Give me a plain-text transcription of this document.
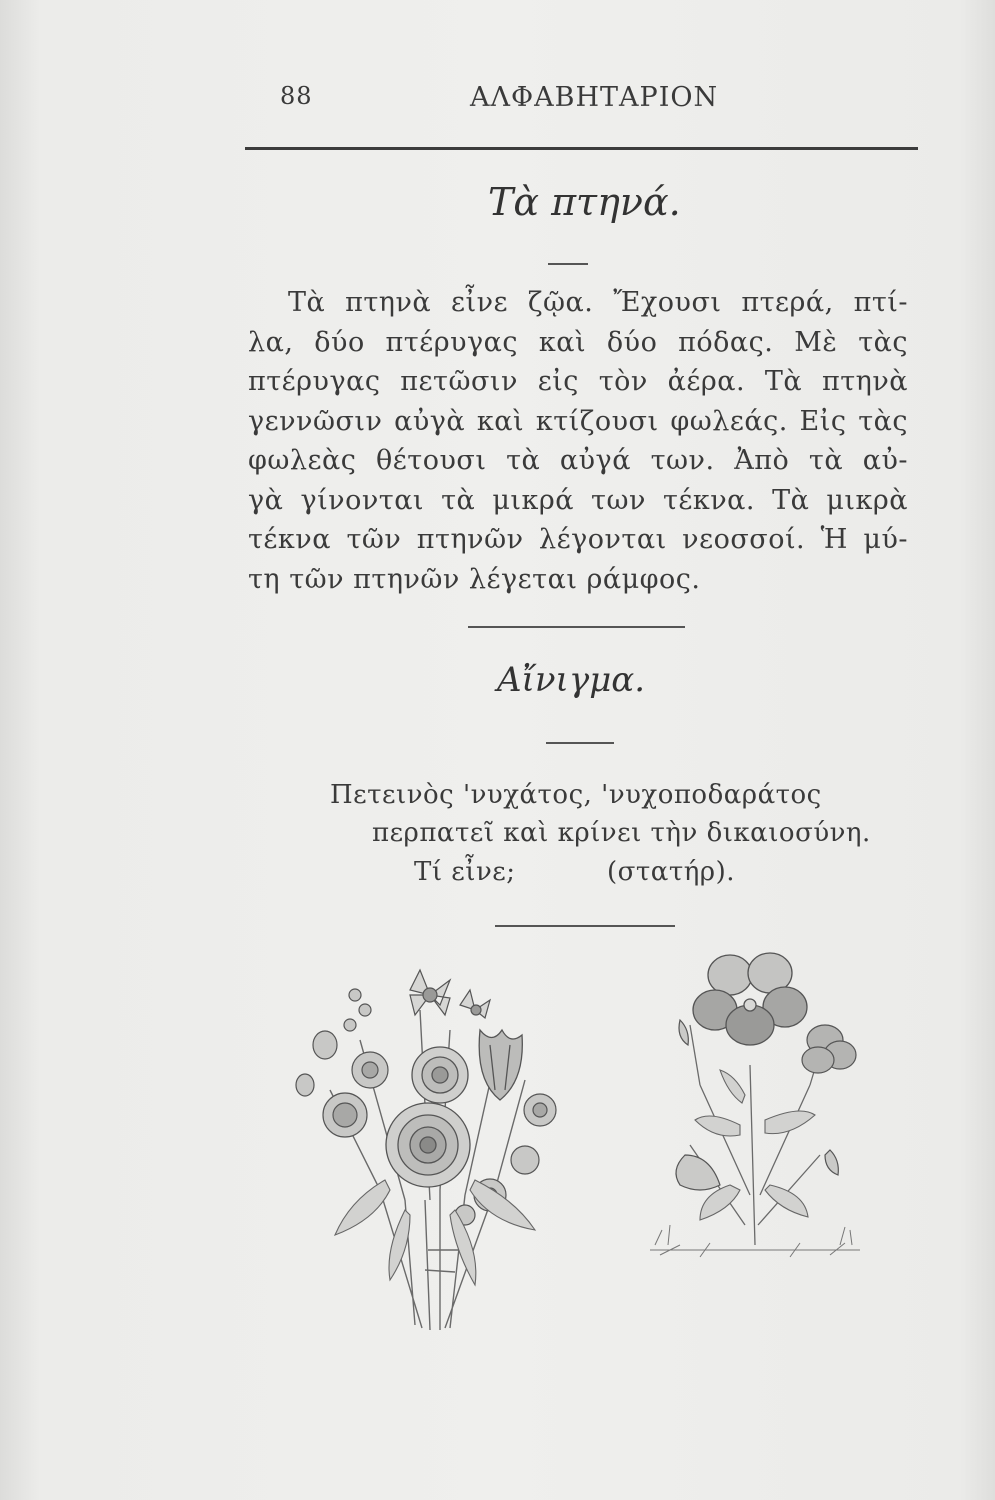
88	ΑΛΦΑΒΗΤΑΡΙΟΝ
Τὰ πτηνά.
Τὰ πτηνὰ εἶνε ζῷα. Ἔχουσι πτερά, πτί-
λα, δύο πτέρυγας καὶ δύο πόδας. Μὲ τὰς
πτέρυγας πετῶσιν εἰς τὸν ἀέρα. Τὰ πτηνὰ
γεννῶσιν αὐγὰ καὶ κτίζουσι φωλεάς. Εἰς τὰς
φωλεὰς θέτουσι τὰ αὐγά των. Ἀπὸ τὰ αὐ-
γὰ γίνονται τὰ μικρά των τέκνα. Τὰ μικρὰ
τέκνα τῶν πτηνῶν λέγονται νεοσσοί. Ἡ μύ-
τη τῶν πτηνῶν λέγεται ράμφος.
Αἴνιγμα.
Πετεινὸς 'νυχάτος, 'νυχοποδαράτος
περπατεῖ καὶ κρίνει τὴν δικαιοσύνη.
Τί εἶνε;	(στατήρ).
